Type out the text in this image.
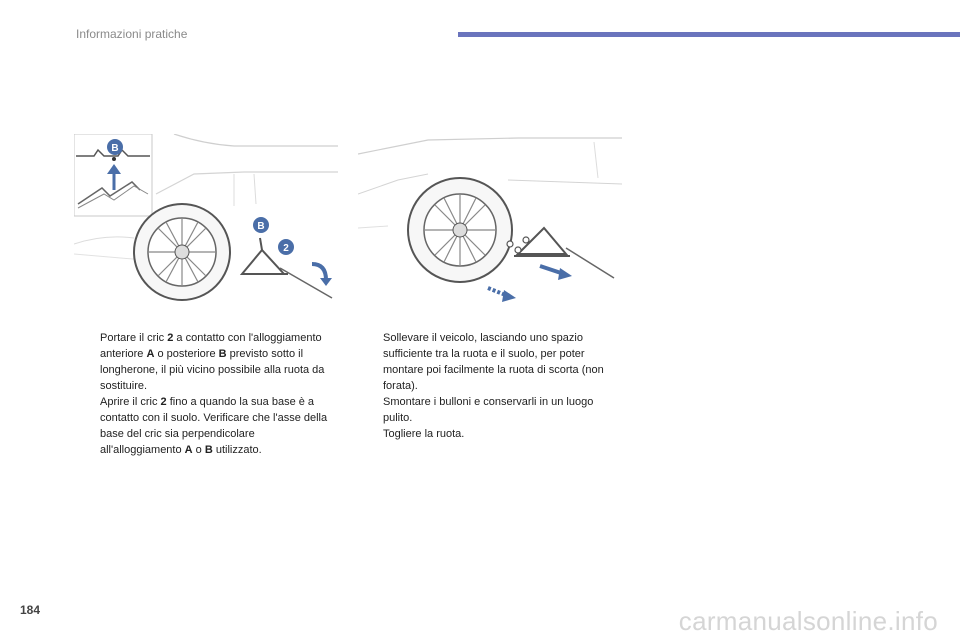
Informazioni pratiche
B
B
2
Portare il cric 2 a contatto con l'alloggiamento anteriore A o posteriore B previsto sotto il longherone, il più vicino possibile alla ruota da sostituire.
Aprire il cric 2 fino a quando la sua base è a contatto con il suolo. Verificare che l'asse della base del cric sia perpendicolare all'alloggiamento A o B utilizzato.
Sollevare il veicolo, lasciando uno spazio sufficiente tra la ruota e il suolo, per poter montare poi facilmente la ruota di scorta (non forata).
Smontare i bulloni e conservarli in un luogo pulito.
Togliere la ruota.
184	carmanualsonline.info
